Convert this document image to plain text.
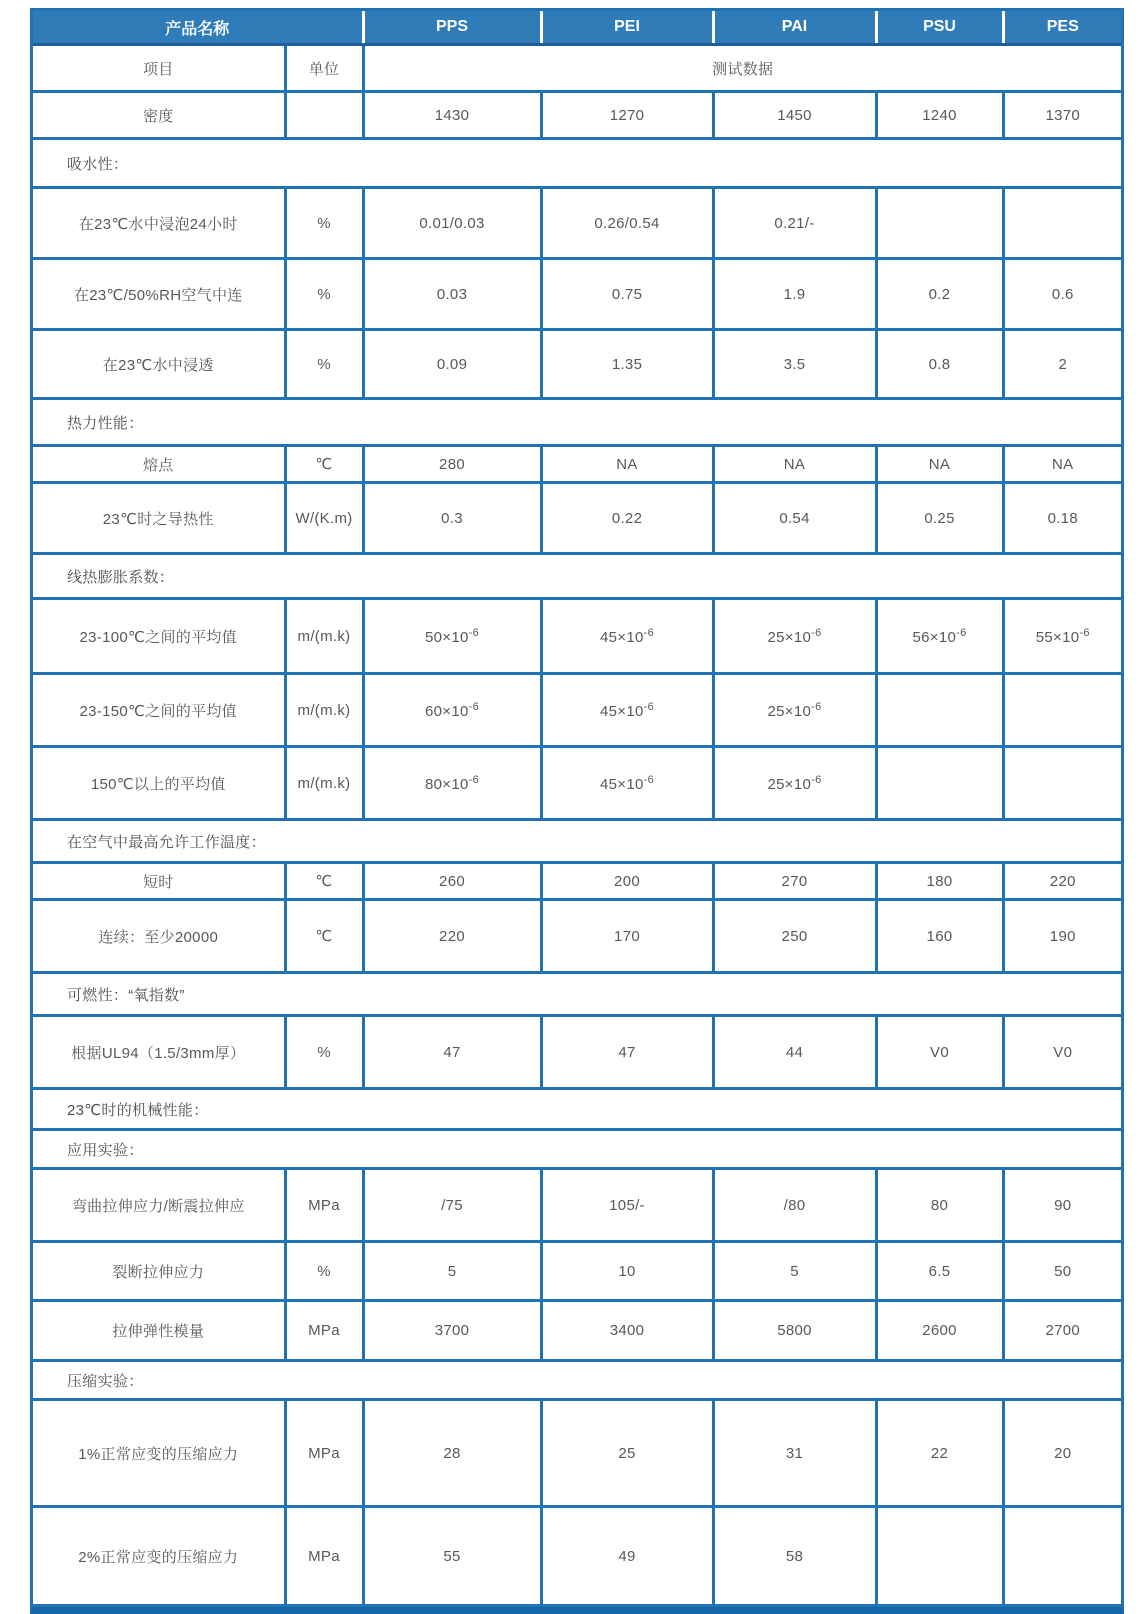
产品名称		PPS	PEI	PAI	PSU	PES
项目	单位	测试数据				
密度		1430	1270	1450	1240	1370
吸水性：						
在23℃水中浸泡24小时	%	0.01/0.03	0.26/0.54	0.21/-		
在23℃/50%RH空气中连	%	0.03	0.75	1.9	0.2	0.6
在23℃水中浸透	%	0.09	1.35	3.5	0.8	2
热力性能：						
熔点	℃	280	NA	NA	NA	NA
23℃时之导热性	W/(K.m)	0.3	0.22	0.54	0.25	0.18
线热膨胀系数：						
23-100℃之间的平均值	m/(m.k)	$50\times 10^{-6}$	$45\times 10^{-6}$	$25\times 10^{-6}$	$56\times 10^{-6}$	$55\times 10^{-6}$
23-150℃之间的平均值	m/(m.k)	$60\times 10^{-6}$	$45\times 10^{-6}$	$25\times 10^{-6}$		
150℃以上的平均值	m/(m.k)	$80\times 10^{-6}$	$45\times 10^{-6}$	$25\times 10^{-6}$		
在空气中最高允许工作温度：						
短时	℃	260	200	270	180	220
连续：至少20000	℃	220	170	250	160	190
可燃性：“氧指数”						
根据UL94（1.5/3mm厚）	%	47	47	44	V0	V0
23℃时的机械性能：						
应用实验：						
弯曲拉伸应力/断震拉伸应	MPa	/75	105/-	/80	80	90
裂断拉伸应力	%	5	10	5	6.5	50
拉伸弹性模量	MPa	3700	3400	5800	2600	2700
压缩实验：						
1%正常应变的压缩应力	MPa	28	25	31	22	20
2%正常应变的压缩应力	MPa	55	49	58		
